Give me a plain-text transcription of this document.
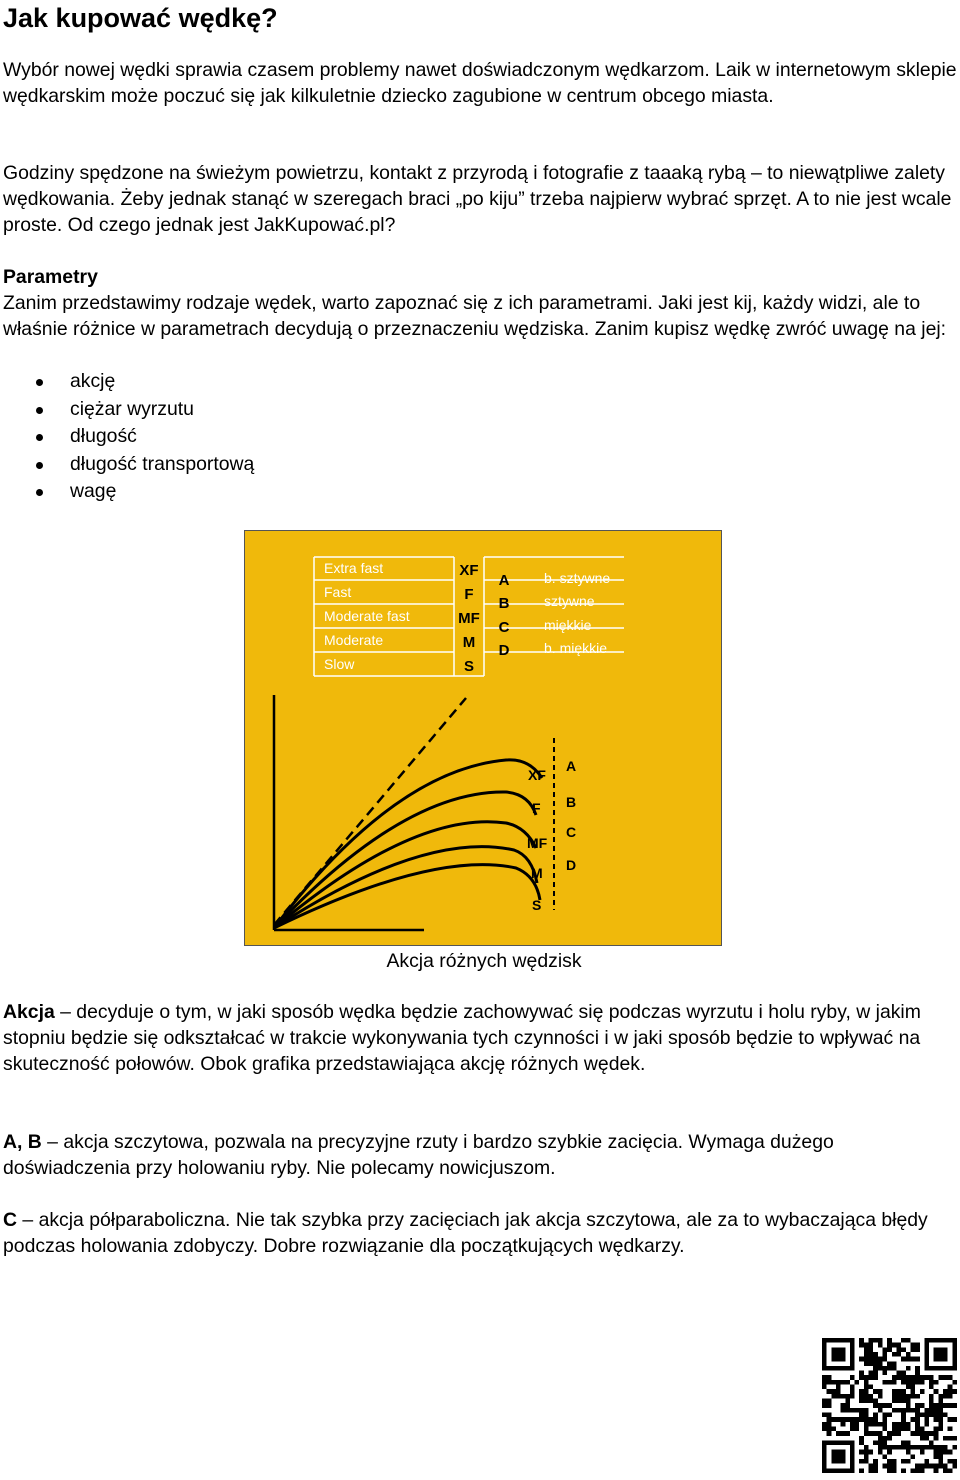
Jak kupować wędkę?

Wybór nowej wędki sprawia czasem problemy nawet doświadczonym wędkarzom. Laik w internetowym sklepie wędkarskim może poczuć się jak kilkuletnie dziecko zagubione w centrum obcego miasta.

Godziny spędzone na świeżym powietrzu, kontakt z przyrodą i fotografie z taaaką rybą – to niewątpliwe zalety wędkowania. Żeby jednak stanąć w szeregach braci „po kiju” trzeba najpierw wybrać sprzęt. A to nie jest wcale proste. Od czego jednak jest JakKupować.pl?

Parametry

Zanim przedstawimy rodzaje wędek, warto zapoznać się z ich parametrami. Jaki jest kij, każdy widzi, ale to właśnie różnice w parametrach decydują o przeznaczeniu wędziska. Zanim kupisz wędkę zwróć uwagę na jej:

akcję
ciężar wyrzutu
długość
długość transportową
wagę
Extra fast
Fast
Moderate fast
Moderate
Slow
b. sztywne
sztywne
miękkie
b. miękkie
XF
F
MF
M
S
A
B
C
D
XF
F
MF
M
S
A
B
C
D
Akcja różnych wędzisk

Akcja – decyduje o tym, w jaki sposób wędka będzie zachowywać się podczas wyrzutu i holu ryby, w jakim stopniu będzie się odkształcać w trakcie wykonywania tych czynności i w jaki sposób będzie to wpływać na skuteczność połowów. Obok grafika przedstawiająca akcję różnych wędek.

A, B – akcja szczytowa, pozwala na precyzyjne rzuty i bardzo szybkie zacięcia. Wymaga dużego doświadczenia przy holowaniu ryby. Nie polecamy nowicjuszom.

C – akcja półparaboliczna. Nie tak szybka przy zacięciach jak akcja szczytowa, ale za to wybaczająca błędy podczas holowania zdobyczy. Dobre rozwiązanie dla początkujących wędkarzy.
